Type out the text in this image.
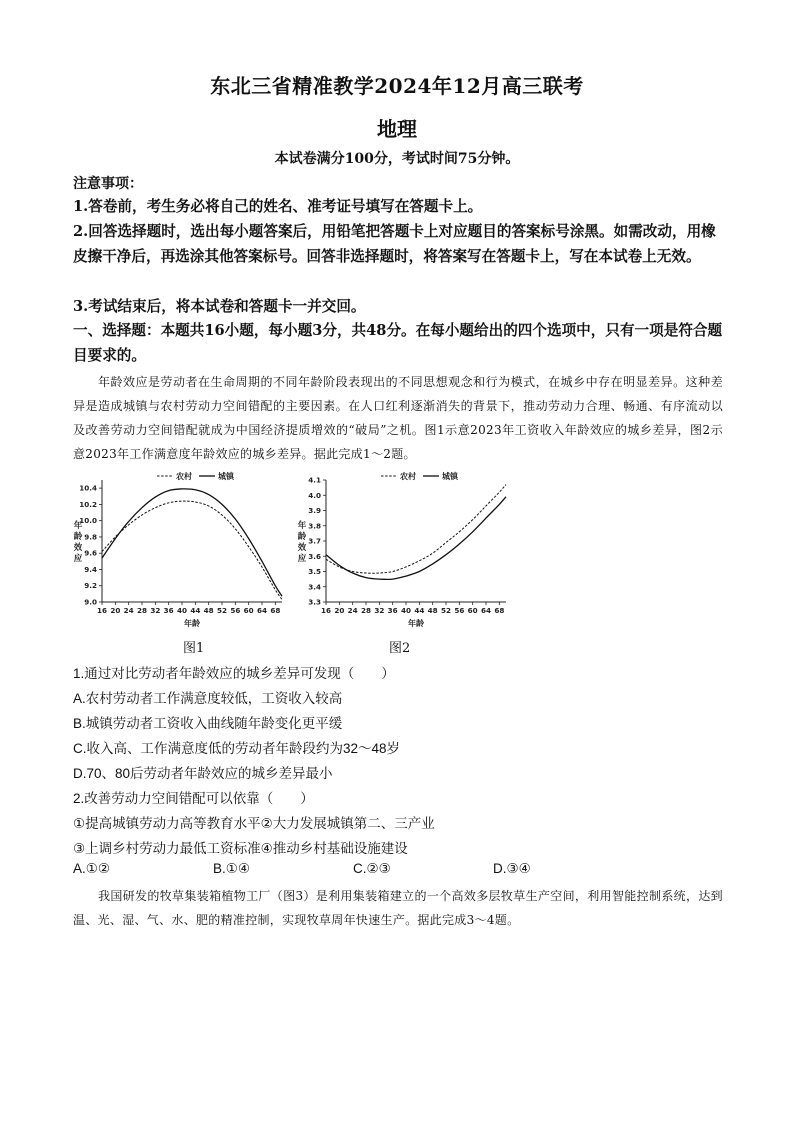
东北三省精准教学2024年12月高三联考
地理
本试卷满分100分，考试时间75分钟。
注意事项：
1.答卷前，考生务必将自己的姓名、准考证号填写在答题卡上。
2.回答选择题时，选出每小题答案后，用铅笔把答题卡上对应题目的答案标号涂黑。如需改动，用橡皮擦干净后，再选涂其他答案标号。回答非选择题时，将答案写在答题卡上，写在本试卷上无效。
3.考试结束后，将本试卷和答题卡一并交回。
一、选择题：本题共16小题，每小题3分，共48分。在每小题给出的四个选项中，只有一项是符合题目要求的。
年龄效应是劳动者在生命周期的不同年龄阶段表现出的不同思想观念和行为模式，在城乡中存在明显差异。这种差异是造成城镇与农村劳动力空间错配的主要因素。在人口红利逐渐消失的背景下，推动劳动力合理、畅通、有序流动以及改善劳动力空间错配就成为中国经济提质增效的“破局”之机。图1示意2023年工资收入年龄效应的城乡差异，图2示意2023年工作满意度年龄效应的城乡差异。据此完成1～2题。
16 20 24 28 32 36 40 44 48 52 56 60 64 68
9.0
9.2
9.4
9.6
9.8
10.0
10.2
10.4
年龄
年
龄
效
应
农村	城镇
16 20 24 28 32 36 40 44 48 52 56 60 64 68
3.3
3.4
3.5
3.6
3.7
3.8
3.9
4.0
4.1
年龄
年
龄
效
应
农村	城镇
图1	图2
1.通过对比劳动者年龄效应的城乡差异可发现（　　）
A.农村劳动者工作满意度较低，工资收入较高
B.城镇劳动者工资收入曲线随年龄变化更平缓
C.收入高、工作满意度低的劳动者年龄段约为32～48岁
D.70、80后劳动者年龄效应的城乡差异最小
2.改善劳动力空间错配可以依靠（　　）
①提高城镇劳动力高等教育水平②大力发展城镇第二、三产业
③上调乡村劳动力最低工资标准④推动乡村基础设施建设
A.①②	B.①④	C.②③	D.③④
我国研发的牧草集装箱植物工厂（图3）是利用集装箱建立的一个高效多层牧草生产空间，利用智能控制系统，达到温、光、湿、气、水、肥的精准控制，实现牧草周年快速生产。据此完成3～4题。
